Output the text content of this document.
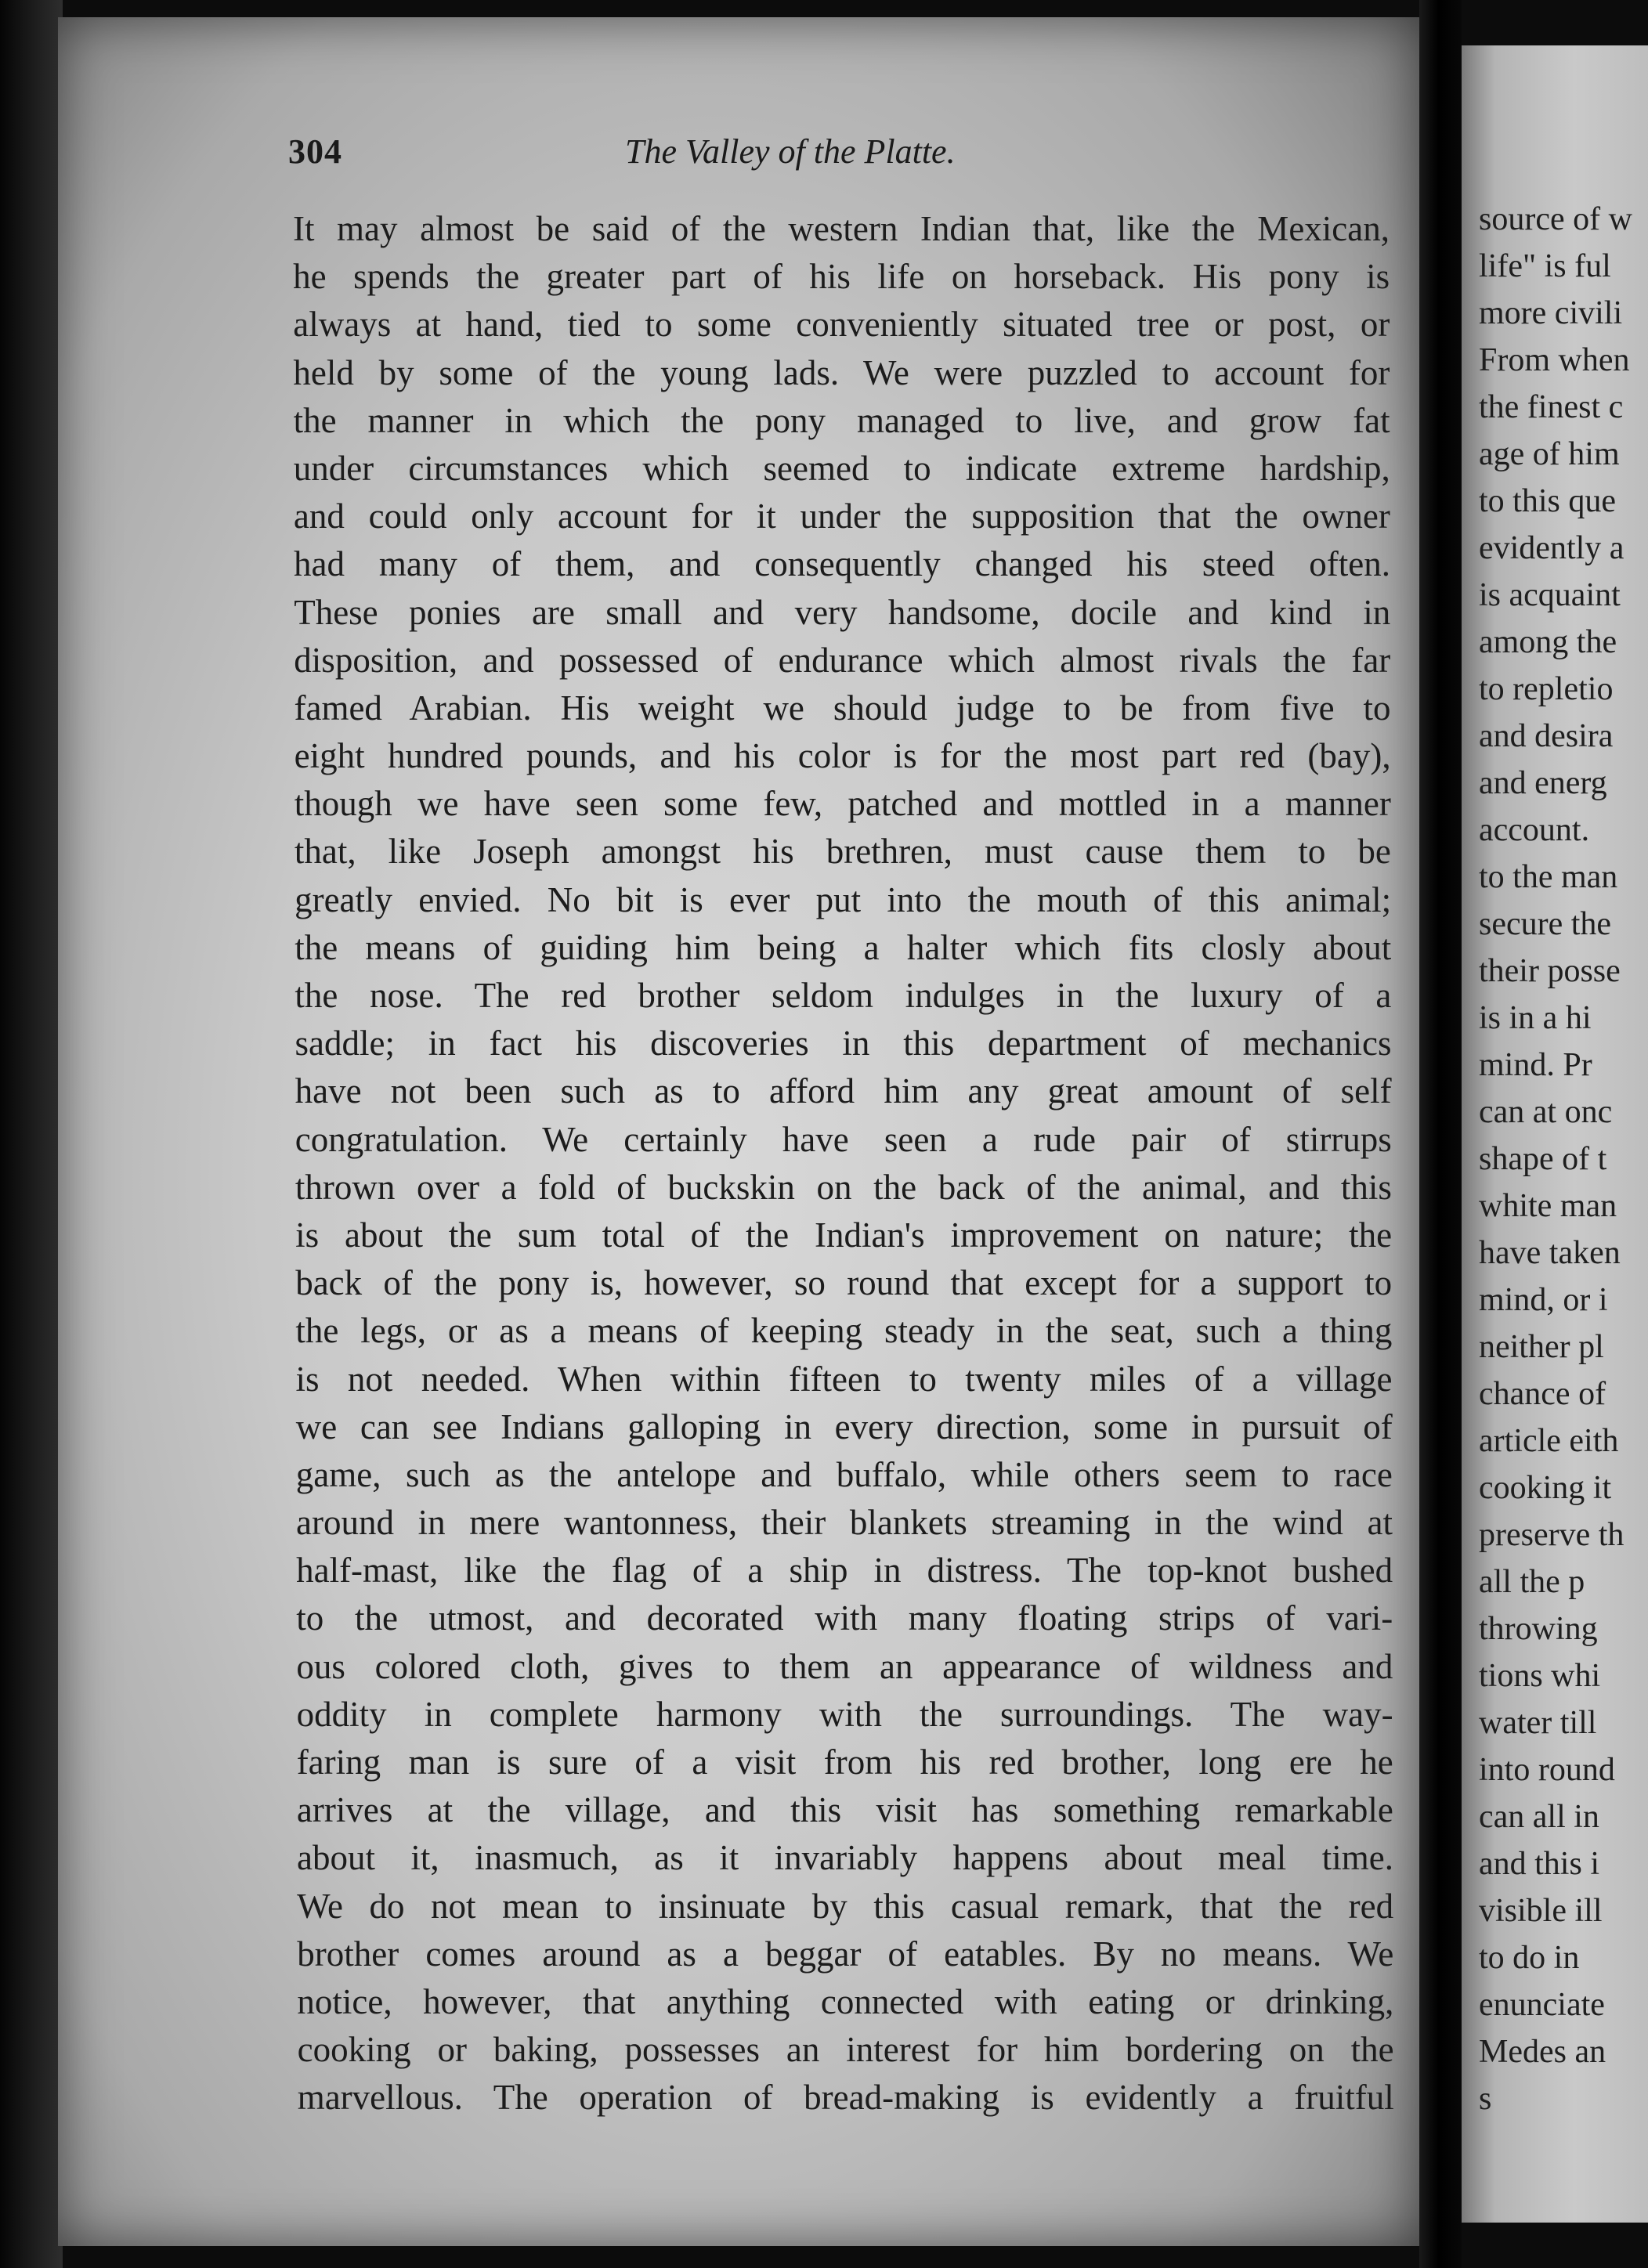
304	The Valley of the Platte.
It may almost be said of the western Indian that, like the Mexican,
he spends the greater part of his life on horseback. His pony is
always at hand, tied to some conveniently situated tree or post, or
held by some of the young lads. We were puzzled to account for
the manner in which the pony managed to live, and grow fat
under circumstances which seemed to indicate extreme hardship,
and could only account for it under the supposition that the owner
had many of them, and consequently changed his steed often.
These ponies are small and very handsome, docile and kind in
disposition, and possessed of endurance which almost rivals the far
famed Arabian. His weight we should judge to be from five to
eight hundred pounds, and his color is for the most part red (bay),
though we have seen some few, patched and mottled in a manner
that, like Joseph amongst his brethren, must cause them to be
greatly envied. No bit is ever put into the mouth of this animal;
the means of guiding him being a halter which fits closly about
the nose. The red brother seldom indulges in the luxury of a
saddle; in fact his discoveries in this department of mechanics
have not been such as to afford him any great amount of self
congratulation. We certainly have seen a rude pair of stirrups
thrown over a fold of buckskin on the back of the animal, and this
is about the sum total of the Indian's improvement on nature; the
back of the pony is, however, so round that except for a support to
the legs, or as a means of keeping steady in the seat, such a thing
is not needed. When within fifteen to twenty miles of a village
we can see Indians galloping in every direction, some in pursuit of
game, such as the antelope and buffalo, while others seem to race
around in mere wantonness, their blankets streaming in the wind at
half-mast, like the flag of a ship in distress. The top-knot bushed
to the utmost, and decorated with many floating strips of vari-
ous colored cloth, gives to them an appearance of wildness and
oddity in complete harmony with the surroundings. The way-
faring man is sure of a visit from his red brother, long ere he
arrives at the village, and this visit has something remarkable
about it, inasmuch, as it invariably happens about meal time.
We do not mean to insinuate by this casual remark, that the red
brother comes around as a beggar of eatables. By no means. We
notice, however, that anything connected with eating or drinking,
cooking or baking, possesses an interest for him bordering on the
marvellous. The operation of bread-making is evidently a fruitful
source of w
life" is ful
more civili
From when
the finest c
age of him
to this que
evidently a
is acquaint
among the
to repletio
and desira
and energ
account.
to the man
secure the
their posse
is in a hi
mind. Pr
can at onc
shape of t
white man
have taken
mind, or i
neither pl
chance of
article eith
cooking it
preserve th
all the p
throwing
tions whi
water till
into round
can all in
and this i
visible ill
to do in
enunciate
Medes an
s
